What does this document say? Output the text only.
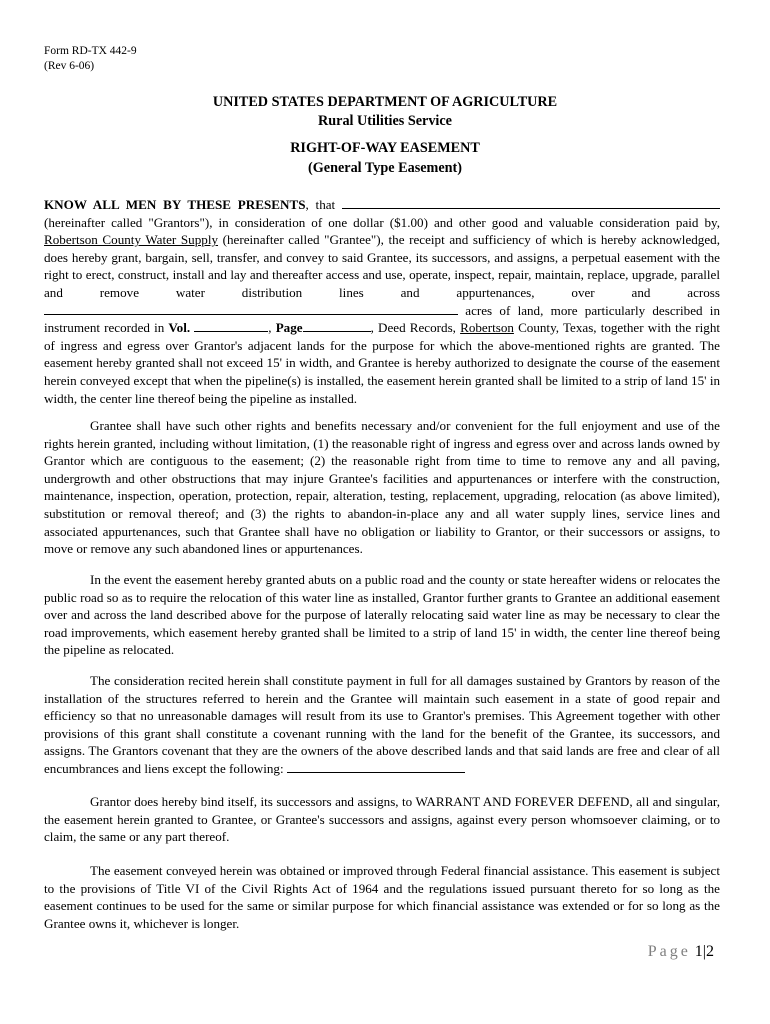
Form RD-TX 442-9
(Rev 6-06)
UNITED STATES DEPARTMENT OF AGRICULTURE
Rural Utilities Service
RIGHT-OF-WAY EASEMENT
(General Type Easement)
KNOW ALL MEN BY THESE PRESENTS, that  (hereinafter called "Grantors"), in consideration of one dollar ($1.00) and other good and valuable consideration paid by, Robertson County Water Supply (hereinafter called "Grantee"), the receipt and sufficiency of which is hereby acknowledged, does hereby grant, bargain, sell, transfer, and convey to said Grantee, its successors, and assigns, a perpetual easement with the right to erect, construct, install and lay and thereafter access and use, operate, inspect, repair, maintain, replace, upgrade, parallel and remove water distribution lines and appurtenances, over and across  acres of land, more particularly described in instrument recorded in Vol.	, Page	, Deed Records, Robertson County, Texas, together with the right of ingress and egress over Grantor's adjacent lands for the purpose for which the above-mentioned rights are granted. The easement hereby granted shall not exceed 15' in width, and Grantee is hereby authorized to designate the course of the easement herein conveyed except that when the pipeline(s) is installed, the easement herein granted shall be limited to a strip of land 15' in width, the center line thereof being the pipeline as installed.
Grantee shall have such other rights and benefits necessary and/or convenient for the full enjoyment and use of the rights herein granted, including without limitation, (1) the reasonable right of ingress and egress over and across lands owned by Grantor which are contiguous to the easement; (2) the reasonable right from time to time to remove any and all paving, undergrowth and other obstructions that may injure Grantee's facilities and appurtenances or interfere with the construction, maintenance, inspection, operation, protection, repair, alteration, testing, replacement, upgrading, relocation (as above limited), substitution or removal thereof; and (3) the rights to abandon-in-place any and all water supply lines, service lines and associated appurtenances, such that Grantee shall have no obligation or liability to Grantor, or their successors or assigns, to move or remove any such abandoned lines or appurtenances.
In the event the easement hereby granted abuts on a public road and the county or state hereafter widens or relocates the public road so as to require the relocation of this water line as installed, Grantor further grants to Grantee an additional easement over and across the land described above for the purpose of laterally relocating said water line as may be necessary to clear the road improvements, which easement hereby granted shall be limited to a strip of land 15' in width, the center line thereof being the pipeline as relocated.
The consideration recited herein shall constitute payment in full for all damages sustained by Grantors by reason of the installation of the structures referred to herein and the Grantee will maintain such easement in a state of good repair and efficiency so that no unreasonable damages will result from its use to Grantor's premises. This Agreement together with other provisions of this grant shall constitute a covenant running with the land for the benefit of the Grantee, its successors, and assigns. The Grantors covenant that they are the owners of the above described lands and that said lands are free and clear of all encumbrances and liens except the following:
Grantor does hereby bind itself, its successors and assigns, to WARRANT AND FOREVER DEFEND, all and singular, the easement herein granted to Grantee, or Grantee's successors and assigns, against every person whomsoever claiming, or to claim, the same or any part thereof.
The easement conveyed herein was obtained or improved through Federal financial assistance. This easement is subject to the provisions of Title VI of the Civil Rights Act of 1964 and the regulations issued pursuant thereto for so long as the easement continues to be used for the same or similar purpose for which financial assistance was extended or for so long as the Grantee owns it, whichever is longer.
Page 1|2
